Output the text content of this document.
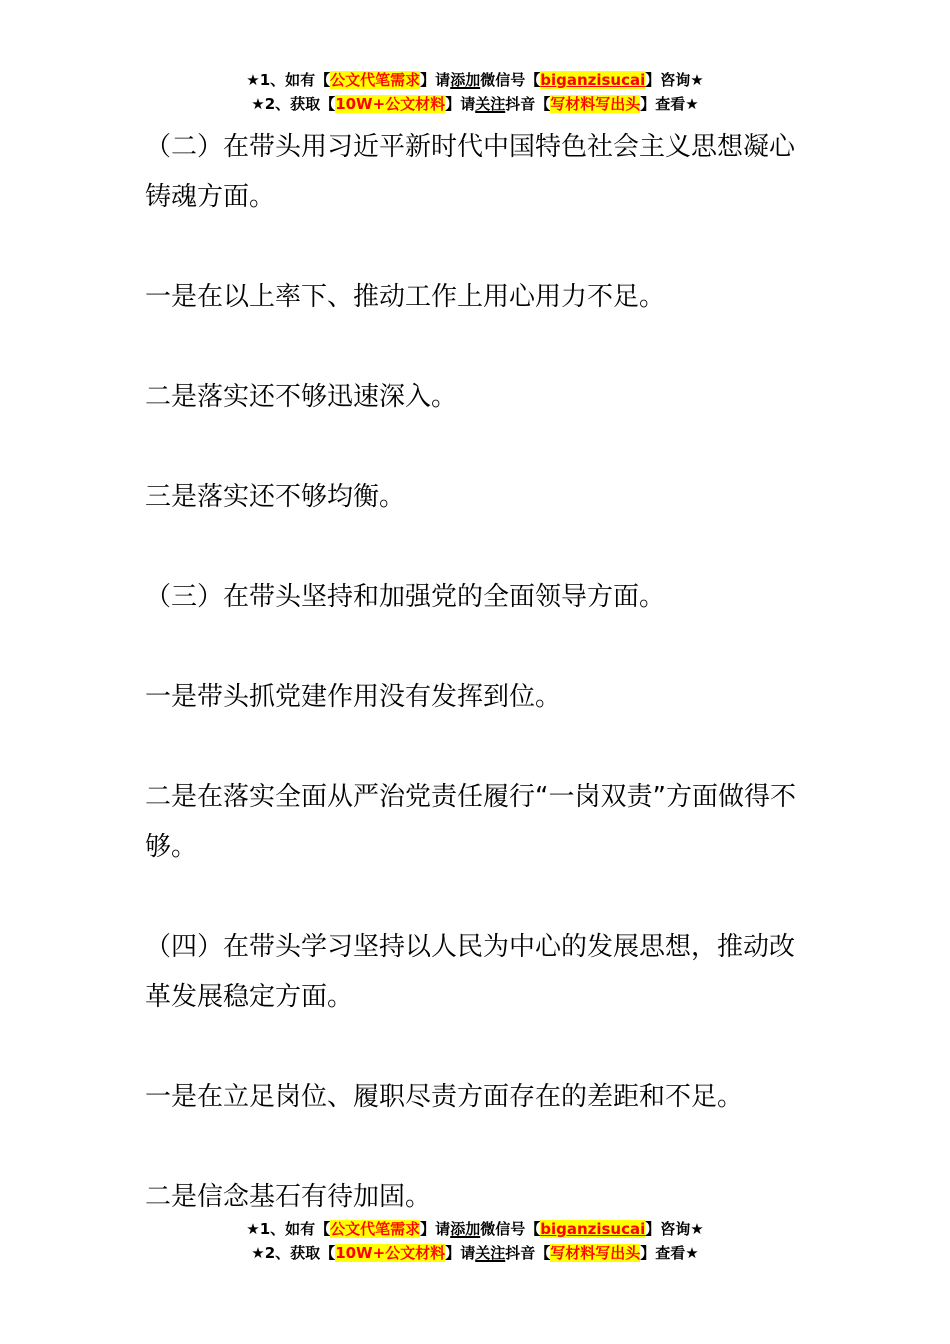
★1、如有【公文代笔需求】请添加微信号【biganzisucai】咨询★
★2、获取【10W+公文材料】请关注抖音【写材料写出头】查看★

（二）在带头用习近平新时代中国特色社会主义思想凝心铸魂方面。

一是在以上率下、推动工作上用心用力不足。

二是落实还不够迅速深入。

三是落实还不够均衡。

（三）在带头坚持和加强党的全面领导方面。

一是带头抓党建作用没有发挥到位。

二是在落实全面从严治党责任履行“一岗双责”方面做得不够。

（四）在带头学习坚持以人民为中心的发展思想，推动改革发展稳定方面。

一是在立足岗位、履职尽责方面存在的差距和不足。

二是信念基石有待加固。

★1、如有【公文代笔需求】请添加微信号【biganzisucai】咨询★
★2、获取【10W+公文材料】请关注抖音【写材料写出头】查看★
